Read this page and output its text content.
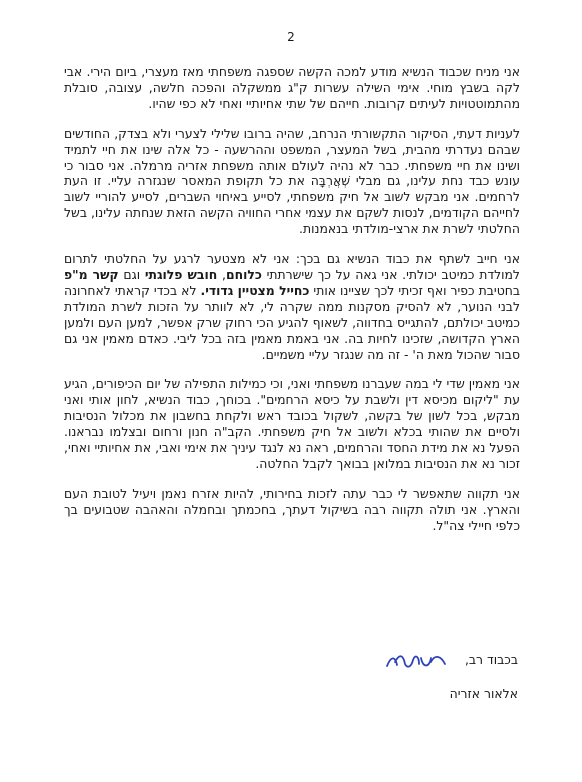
2

אני מניח שכבוד הנשיא מודע למכה הקשה שספגה משפחתי מאז מעצרי, ביום הירי. אבי לקה בשבץ מוחי. אימי השילה עשרות ק"ג ממשקלה והפכה חלשה, עצובה, סובלת מהתמוטטויות לעיתים קרובות. חייהם של שתי אחיותיי ואחי לא כפי שהיו.

לעניות דעתי, הסיקור התקשורתי הנרחב, שהיה ברובו שלילי לצערי ולא בצדק, החודשים שבהם נעדרתי מהבית, בשל המעצר, המשפט וההרשעה - כל אלה שינו את חיי לתמיד ושינו את חיי משפחתי. כבר לא נהיה לעולם אותה משפחת אזריה מרמלה. אני סבור כי עונש כבד נחת עלינו, גם מבלי שְׁאֲרְבָּה את כל תקופת המאסר שנגזרה עליי. זו העת לרחמים. אני מבקש לשוב אל חיק משפחתי, לסייע באיחוי השברים, לסייע להוריי לשוב לחייהם הקודמים, לנסות לשקם את עצמי אחרי החוויה הקשה הזאת שנחתה עלינו, בשל החלטתי לשרת את ארצי-מולדתי בנאמנות.

אני חייב לשתף את כבוד הנשיא גם בכך: אני לא מצטער לרגע על החלטתי לתרום למולדת כמיטב יכולתי. אני גאה על כך שישרתתי כלוחם, חובש פלוגתי וגם קשר מ"פ בחטיבת כפיר ואף זכיתי לכך שציינו אותי כחייל מצטיין גדודי. לא בכדי קראתי לאחרונה לבני הנוער, לא להסיק מסקנות ממה שקרה לי, לא לוותר על הזכות לשרת המולדת כמיטב יכולתם, להתגייס בחדווה, לשאוף להגיע הכי רחוק שרק אפשר, למען העם ולמען הארץ הקדושה, שזכינו לחיות בה. אני באמת מאמין בזה בכל ליבי. כאדם מאמין אני גם סבור שהכול מאת ה' - זה מה שנגזר עליי משמיים.

אני מאמין שדי לי במה שעברנו משפחתי ואני, וכי כמילות התפילה של יום הכיפורים, הגיע עת "ליקום מכיסא דין ולשבת על כיסא הרחמים". בכוחך, כבוד הנשיא, לחון אותי ואני מבקש, בכל לשון של בקשה, לשקול בכובד ראש ולקחת בחשבון את מכלול הנסיבות ולסיים את שהותי בכלא ולשוב אל חיק משפחתי. הקב"ה חנון ורחום ובצלמו נבראנו. הפעל נא את מידת החסד והרחמים, ראה נא לנגד עיניך את אימי ואבי, את אחיותיי ואחי, זכור נא את הנסיבות במלואן בבואך לקבל החלטה.

אני תקווה שתאפשר לי כבר עתה לזכות בחירותי, להיות אזרח נאמן ויעיל לטובת העם והארץ. אני תולה תקווה רבה בשיקול דעתך, בחכמתך ובחמלה והאהבה שטבועים בך כלפי חיילי צה"ל.

בכבוד רב,
אלאור אזריה
